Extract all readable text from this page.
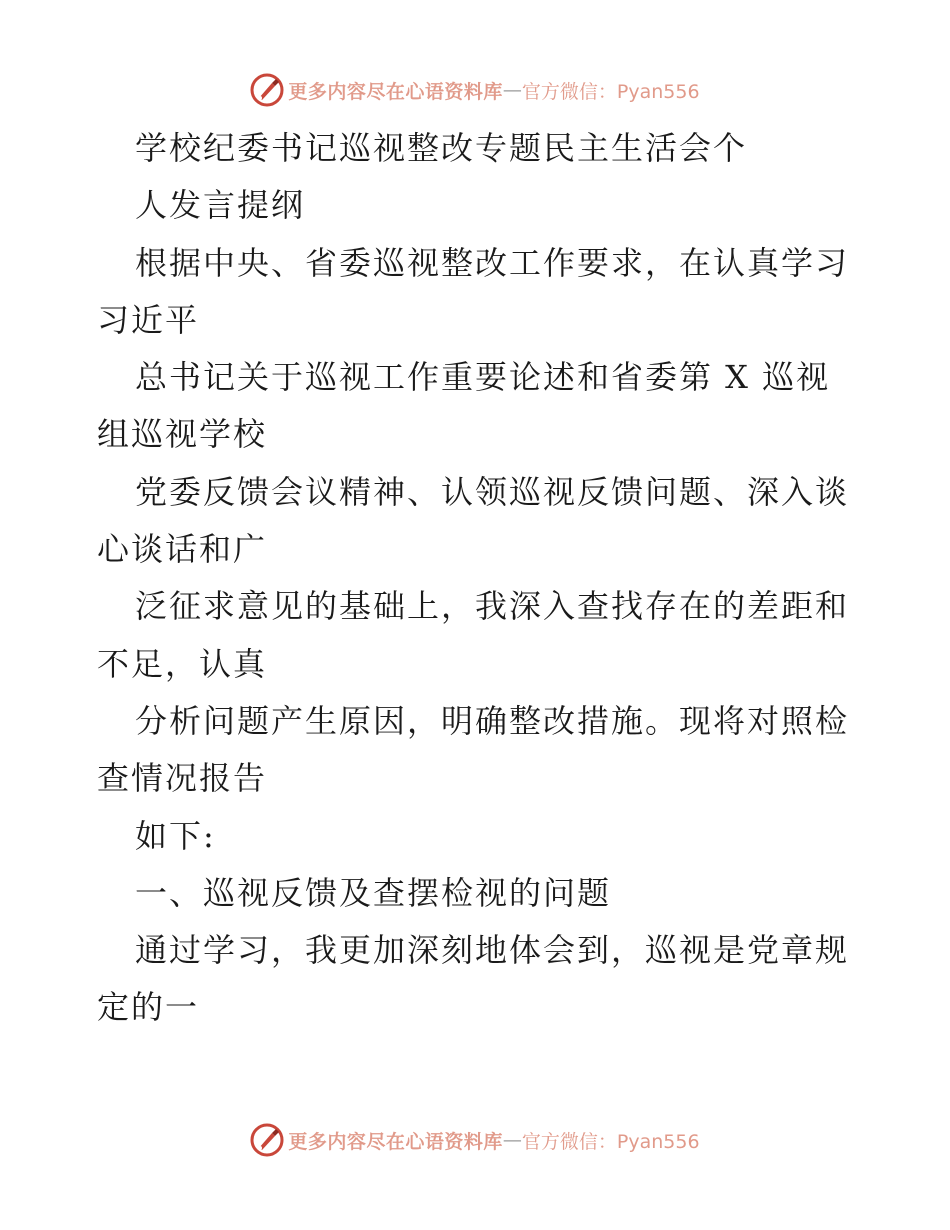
更多内容尽在心语资料库 — 官方微信：Pyan556
学校纪委书记巡视整改专题民主生活会个
人发言提纲
根据中央、省委巡视整改工作要求，在认真学习
习近平
总书记关于巡视工作重要论述和省委第 X 巡视
组巡视学校
党委反馈会议精神、认领巡视反馈问题、深入谈
心谈话和广
泛征求意见的基础上，我深入查找存在的差距和
不足，认真
分析问题产生原因，明确整改措施。现将对照检
查情况报告
如下:
一、巡视反馈及查摆检视的问题
通过学习，我更加深刻地体会到，巡视是党章规
定的一
更多内容尽在心语资料库 — 官方微信：Pyan556
